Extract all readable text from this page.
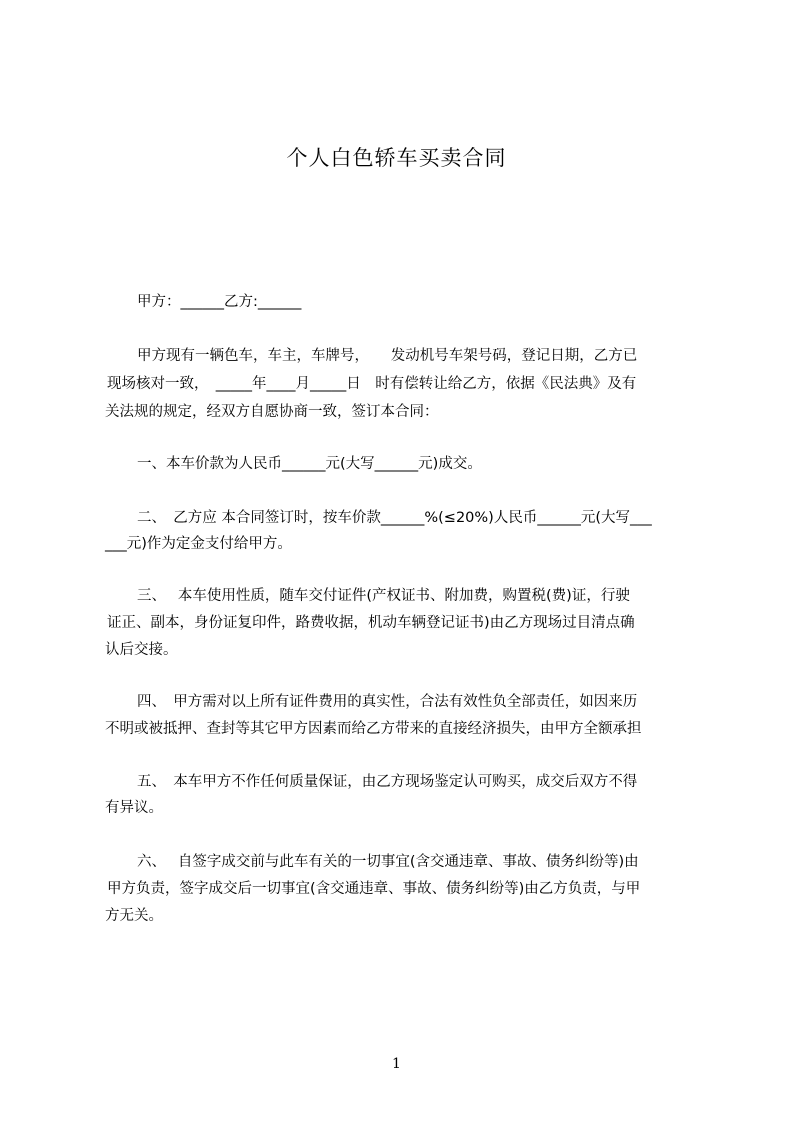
个人白色轿车买卖合同
甲方：______乙方:______
甲方现有一辆色车，车主，车牌号，　　发动机号车架号码，登记日期，乙方已
现场核对一致，　_____年____月_____日　时有偿转让给乙方，依据《民法典》及有
关法规的规定，经双方自愿协商一致，签订本合同：
一、本车价款为人民币______元(大写______元)成交。
二、　乙方应 本合同签订时，按车价款______%(≤20%)人民币______元(大写___
___元)作为定金支付给甲方。
三、　 本车使用性质，随车交付证件(产权证书、附加费，购置税(费)证，行驶
证正、副本，身份证复印件，路费收据，机动车辆登记证书)由乙方现场过目清点确
认后交接。
四、　甲方需对以上所有证件费用的真实性，合法有效性负全部责任，如因来历
不明或被抵押、查封等其它甲方因素而给乙方带来的直接经济损失，由甲方全额承担
五、　本车甲方不作任何质量保证，由乙方现场鉴定认可购买，成交后双方不得
有异议。
六、　 自签字成交前与此车有关的一切事宜(含交通违章、事故、债务纠纷等)由
甲方负责，签字成交后一切事宜(含交通违章、事故、债务纠纷等)由乙方负责，与甲
方无关。
1
